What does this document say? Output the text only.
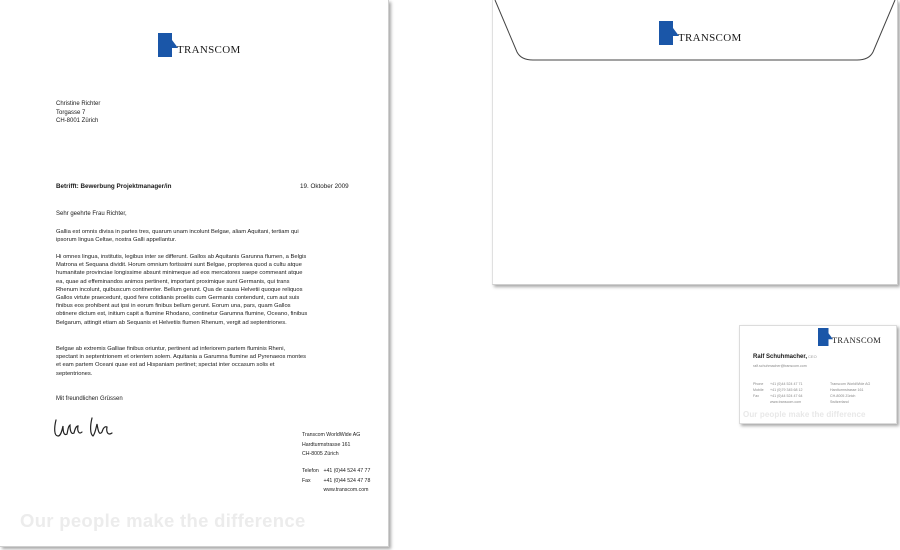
TRANSCOM
Christine Richter
Torgasse 7
CH-8001 Zürich
Betrifft: Bewerbung Projektmanager/in	19. Oktober 2009
Sehr geehrte Frau Richter,

Gallia est omnis divisa in partes tres, quarum unam incolunt Belgae, aliam Aquitani, tertiam qui ipsorum lingua Celtae, nostra Galli appellantur.

Hi omnes lingua, institutis, legibus inter se differunt. Gallos ab Aquitanis Garunna flumen, a Belgis Matrona et Sequana dividit. Horum omnium fortissimi sunt Belgae, propterea quod a cultu atque humanitate provinciae longissime absunt minimeque ad eos mercatores saepe commeant atque ea, quae ad effeminandos animos pertinent, important proximique sunt Germanis, qui trans Rhenum incolunt, quibuscum continenter. Bellum gerunt. Qua de causa Helvetii quoque reliquos Gallos virtute praecedunt, quod fere cotidianis proeliis cum Germanis contendunt, cum aut suis finibus eos prohibent aut ipsi in eorum finibus bellum gerunt. Eorum una, pars, quam Gallos obtinere dictum est, initium capit a flumine Rhodano, continetur Garumna flumine, Oceano, finibus Belgarum, attingit etiam ab Sequanis et Helvetiis flumen Rhenum, vergit ad septentriones.

Belgae ab extremis Galliae finibus oriuntur, pertinent ad inferiorem partem fluminis Rheni, spectant in septentrionem et orientem solem. Aquitania a Garumna flumine ad Pyrenaeos montes et eam partem Oceani quae est ad Hispaniam pertinet; spectat inter occasum solis et septentriones.

Mit freundlichen Grüssen
Transcom WorldWide AG
Hardturmstrasse 161
CH-8005 Zürich
Telefon +41 (0)44 524 47 77
Fax +41 (0)44 524 47 78
www.transcom.com
Our people make the difference
TRANSCOM
TRANSCOM
Ralf Schuhmacher,CEO
ralf.schuhmacher@transcom.com
Phone +41 (0)44 524 47 71
Mobile +41 (0)79 345 68 12
Fax	+41 (0)44 524 47 64
www.transcom.com
Transcom WorldWide AG
Hardturmstrasse 161
CH-8005 Zürich
Switzerland
Our people make the difference
